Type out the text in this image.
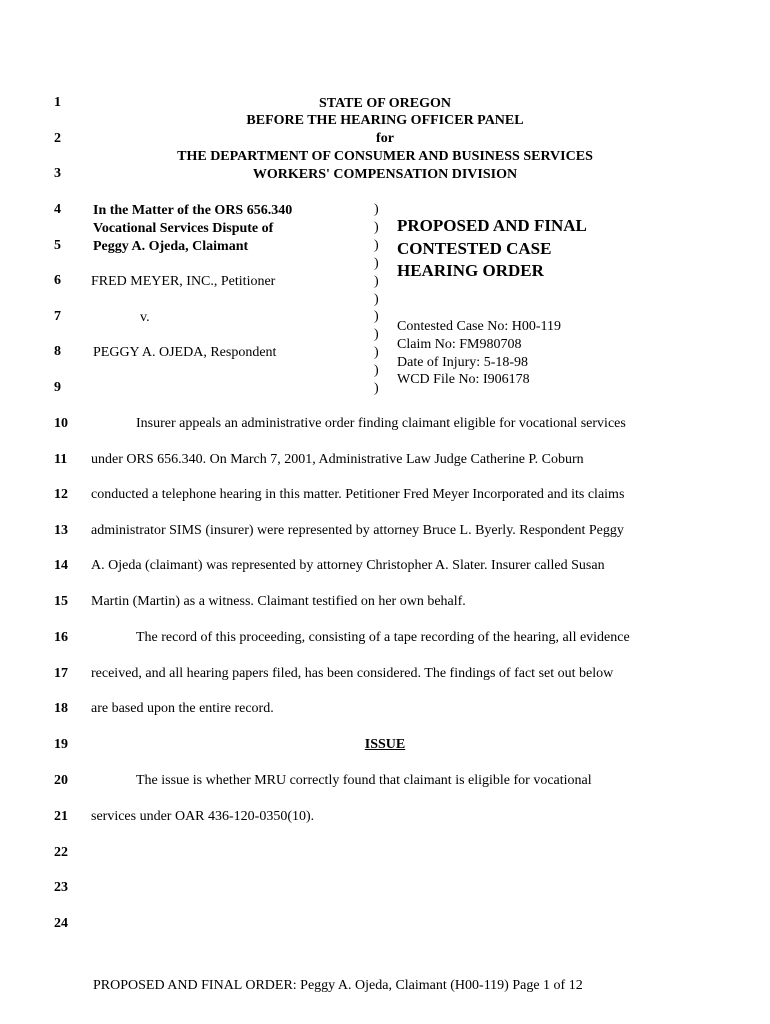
1
2
3
4
5
6
7
8
9
10
11
12
13
14
15
16
17
18
19
20
21
22
23
24
STATE OF OREGON
BEFORE THE HEARING OFFICER PANEL
for
THE DEPARTMENT OF CONSUMER AND BUSINESS SERVICES
WORKERS' COMPENSATION DIVISION
In the Matter of the ORS 656.340
Vocational Services Dispute of
Peggy A. Ojeda, Claimant
FRED MEYER, INC., Petitioner
v.
PEGGY A. OJEDA, Respondent
)
)
)
)
)
)
)
)
)
)
)
PROPOSED AND FINAL
CONTESTED CASE
HEARING ORDER
Contested Case No: H00-119
Claim No: FM980708
Date of Injury: 5-18-98
WCD File No: I906178
Insurer appeals an administrative order finding claimant eligible for vocational services
under ORS 656.340. On March 7, 2001, Administrative Law Judge Catherine P. Coburn
conducted a telephone hearing in this matter. Petitioner Fred Meyer Incorporated and its claims
administrator SIMS (insurer) were represented by attorney Bruce L. Byerly. Respondent Peggy
A. Ojeda (claimant) was represented by attorney Christopher A. Slater. Insurer called Susan
Martin (Martin) as a witness. Claimant testified on her own behalf.
The record of this proceeding, consisting of a tape recording of the hearing, all evidence
received, and all hearing papers filed, has been considered. The findings of fact set out below
are based upon the entire record.
ISSUE
The issue is whether MRU correctly found that claimant is eligible for vocational
services under OAR 436-120-0350(10).
PROPOSED AND FINAL ORDER: Peggy A. Ojeda, Claimant (H00-119) Page 1 of 12
